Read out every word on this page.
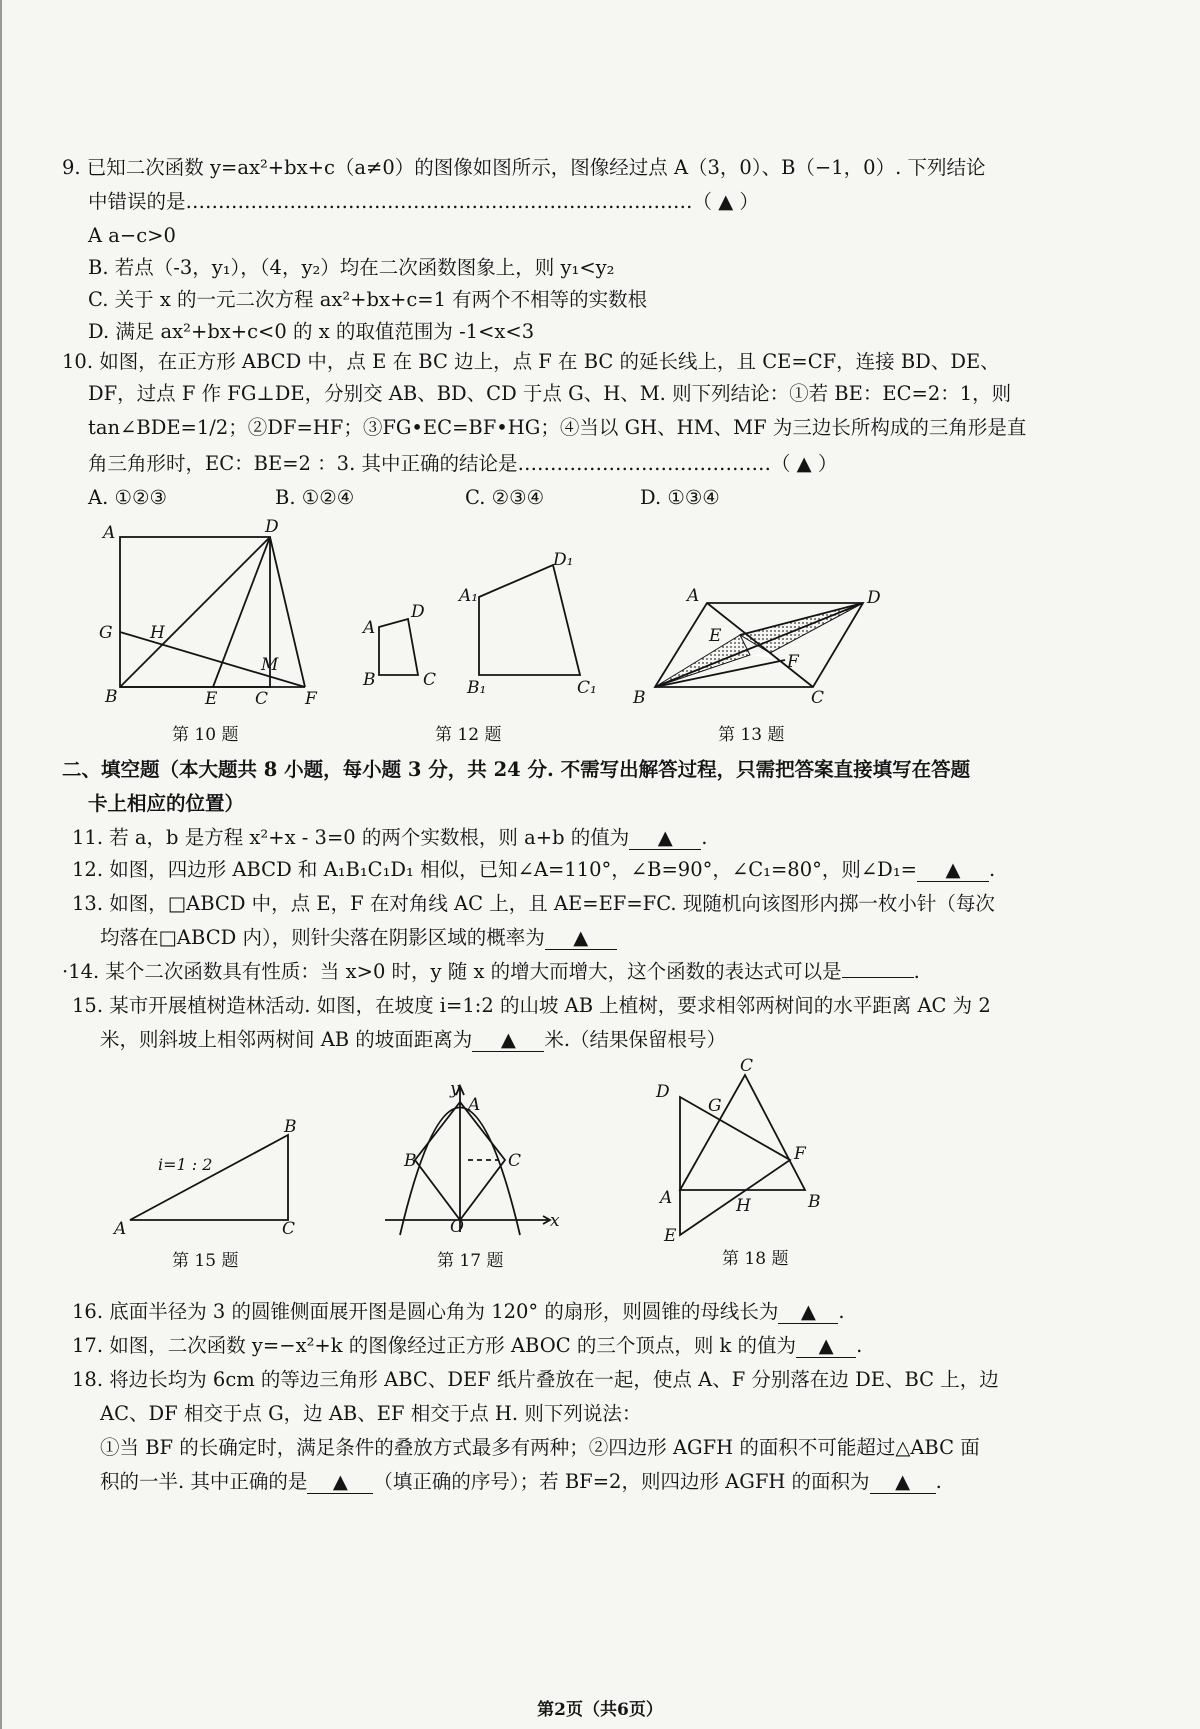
9. 已知二次函数 y=ax²+bx+c（a≠0）的图像如图所示，图像经过点 A（3，0）、B（−1，0）. 下列结论
中错误的是……………………………………………………………………（ ▲ ）
A a−c>0
B. 若点（-3，y₁），（4，y₂）均在二次函数图象上，则 y₁<y₂
C. 关于 x 的一元二次方程 ax²+bx+c=1 有两个不相等的实数根
D. 满足 ax²+bx+c<0 的 x 的取值范围为 -1<x<3
10. 如图，在正方形 ABCD 中，点 E 在 BC 边上，点 F 在 BC 的延长线上，且 CE=CF，连接 BD、DE、
DF，过点 F 作 FG⊥DE，分别交 AB、BD、CD 于点 G、H、M. 则下列结论：①若 BE：EC=2：1，则
tan∠BDE=1/2；②DF=HF；③FG•EC=BF•HG；④当以 GH、HM、MF 为三边长所构成的三角形是直
角三角形时，EC：BE=2 ：3. 其中正确的结论是…………………………………（ ▲ ）
A. ①②③	B. ①②④	C. ②③④	D. ①③④
A	D
G H
M
B	E C F
第 10 题
A
D
B	C
A₁
D₁
B₁	C₁
第 12 题
A	D
E
F
B	C
第 13 题
二、填空题（本大题共 8 小题，每小题 3 分，共 24 分. 不需写出解答过程，只需把答案直接填写在答题
卡上相应的位置）
11. 若 a，b 是方程 x²+x - 3=0 的两个实数根，则 a+b 的值为 ▲ .
12. 如图，四边形 ABCD 和 A₁B₁C₁D₁ 相似，已知∠A=110°，∠B=90°，∠C₁=80°，则∠D₁= ▲ .
13. 如图，□ABCD 中，点 E，F 在对角线 AC 上，且 AE=EF=FC. 现随机向该图形内掷一枚小针（每次
均落在□ABCD 内），则针尖落在阴影区域的概率为 ▲
·14. 某个二次函数具有性质：当 x>0 时，y 随 x 的增大而增大，这个函数的表达式可以是	.
15. 某市开展植树造林活动. 如图，在坡度 i=1:2 的山坡 AB 上植树，要求相邻两树间的水平距离 AC 为 2
米，则斜坡上相邻两树间 AB 的坡面距离为 ▲ 米.（结果保留根号）
i=1 : 2
B
A	C
第 15 题
y
A
B	C
O	x
第 17 题
C
D
G
F
A	H	B
E
第 18 题
16. 底面半径为 3 的圆锥侧面展开图是圆心角为 120° 的扇形，则圆锥的母线长为 ▲ .
17. 如图，二次函数 y=−x²+k 的图像经过正方形 ABOC 的三个顶点，则 k 的值为 ▲ .
18. 将边长均为 6cm 的等边三角形 ABC、DEF 纸片叠放在一起，使点 A、F 分别落在边 DE、BC 上，边
AC、DF 相交于点 G，边 AB、EF 相交于点 H. 则下列说法：
①当 BF 的长确定时，满足条件的叠放方式最多有两种；②四边形 AGFH 的面积不可能超过△ABC 面
积的一半. 其中正确的是 ▲ （填正确的序号）；若 BF=2，则四边形 AGFH 的面积为 ▲ .
第2页（共6页）
